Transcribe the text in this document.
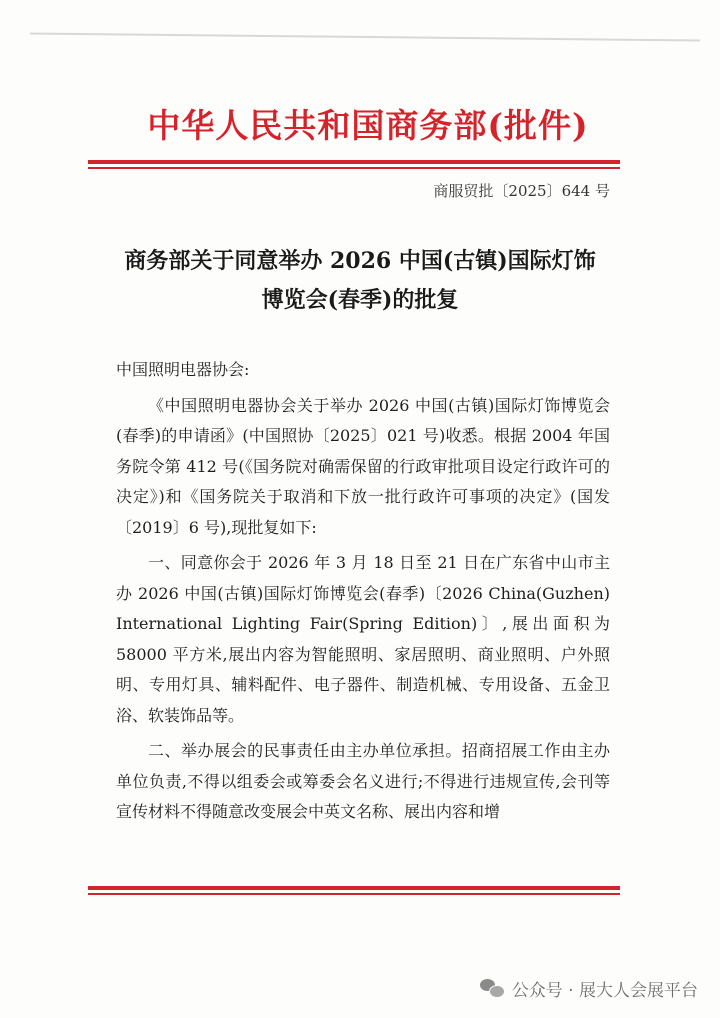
中华人民共和国商务部(批件)
商服贸批〔2025〕644 号
商务部关于同意举办 2026 中国(古镇)国际灯饰
博览会(春季)的批复

中国照明电器协会:

《中国照明电器协会关于举办 2026 中国(古镇)国际灯饰博览会(春季)的申请函》(中国照协〔2025〕021 号)收悉。根据 2004 年国务院令第 412 号(《国务院对确需保留的行政审批项目设定行政许可的决定》)和《国务院关于取消和下放一批行政许可事项的决定》(国发〔2019〕6 号),现批复如下:

一、同意你会于 2026 年 3 月 18 日至 21 日在广东省中山市主办 2026 中国(古镇)国际灯饰博览会(春季)〔2026 China(Guzhen) International Lighting Fair(Spring Edition)〕,展出面积为 58000 平方米,展出内容为智能照明、家居照明、商业照明、户外照明、专用灯具、辅料配件、电子器件、制造机械、专用设备、五金卫浴、软装饰品等。

二、举办展会的民事责任由主办单位承担。招商招展工作由主办单位负责,不得以组委会或筹委会名义进行;不得进行违规宣传,会刊等宣传材料不得随意改变展会中英文名称、展出内容和增

公众号 · 展大人会展平台
